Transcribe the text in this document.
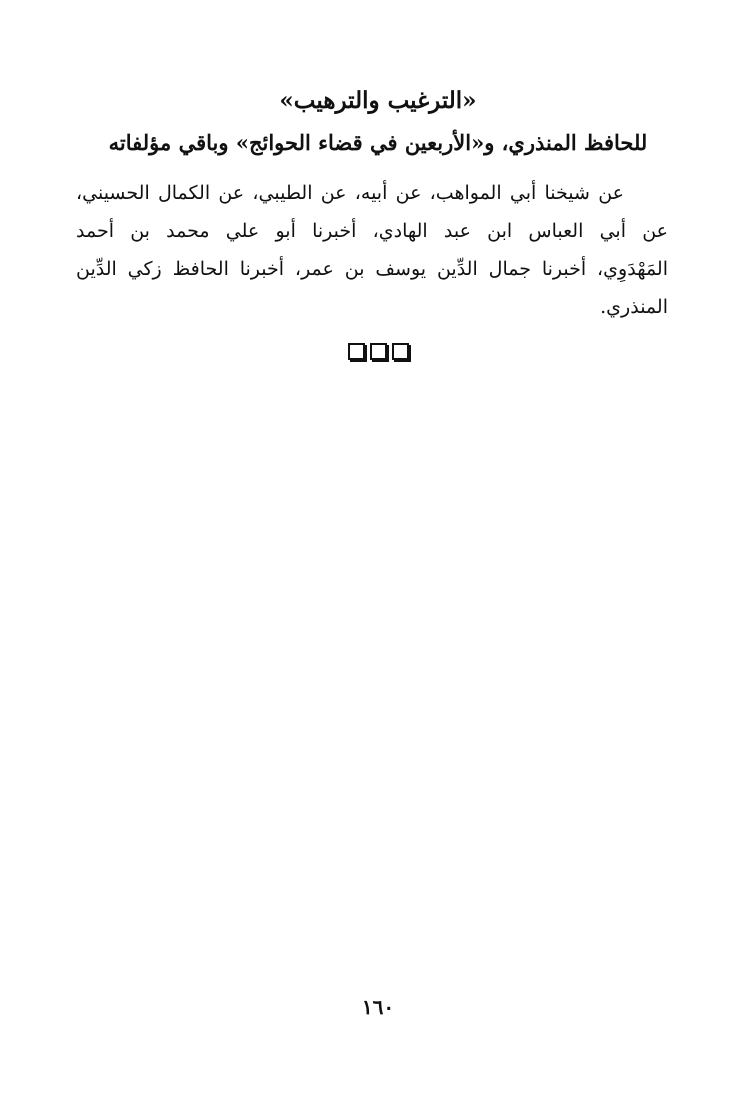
«الترغيب والترهيب»
للحافظ المنذري، و«الأربعين في قضاء الحوائج» وباقي مؤلفاته
عن شيخنا أبي المواهب، عن أبيه، عن الطيبي، عن الكمال الحسيني،
عن أبي العباس ابن عبد الهادي، أخبرنا أبو علي محمد بن أحمد
المَهْدَوِي، أخبرنا جمال الدِّين يوسف بن عمر، أخبرنا الحافظ زكي الدِّين
المنذري.
١٦٠
